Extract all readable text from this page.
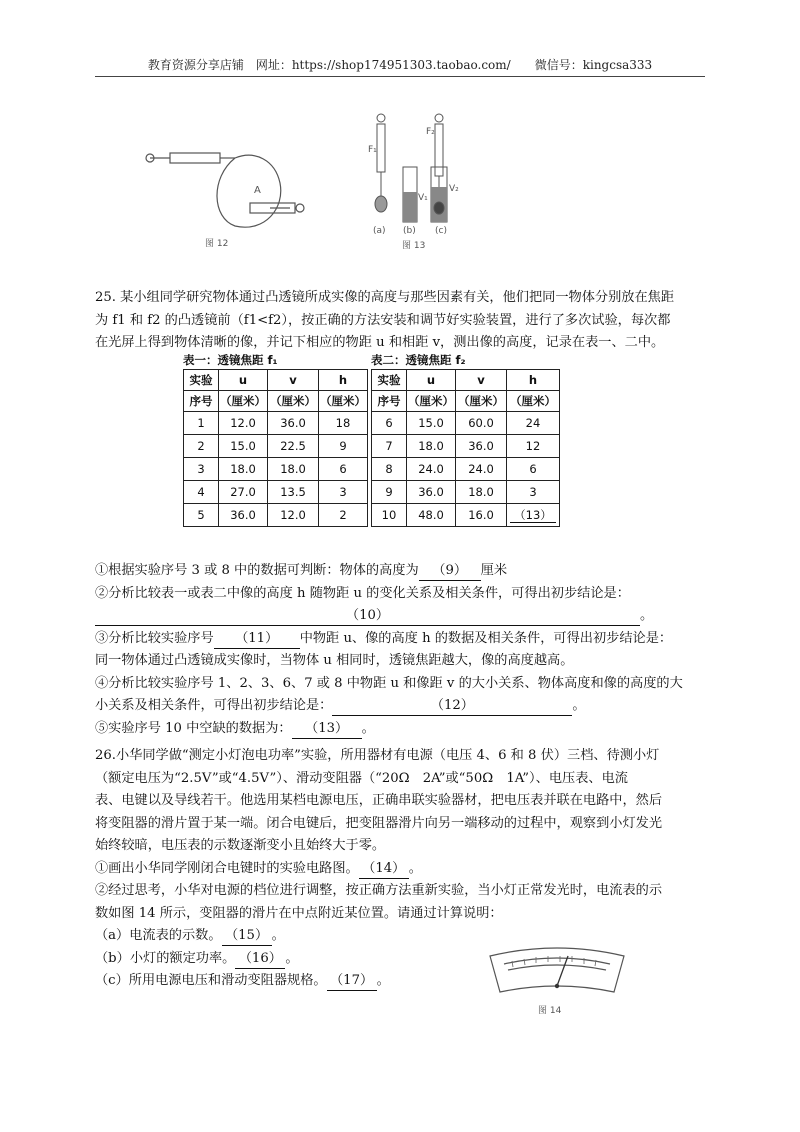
教育资源分享店铺　网址：https://shop174951303.taobao.com/　　微信号：kingcsa333
A
图 12
F₁
F₂
V₁
V₂
(a) (b) (c)
图 13

25. 某小组同学研究物体通过凸透镜所成实像的高度与那些因素有关，他们把同一物体分别放在焦距

为 f1 和 f2 的凸透镜前（f1<f2），按正确的方法安装和调节好实验装置，进行了多次试验，每次都

在光屏上得到物体清晰的像，并记下相应的物距 u 和相距 v，测出像的高度，记录在表一、二中。

表一：透镜焦距 f₁
实验	u	v	h
序号	（厘米）	（厘米）	（厘米）
1	12.0	36.0	18
2	15.0	22.5	9
3	18.0	18.0	6
4	27.0	13.5	3
5	36.0	12.0	2
表二：透镜焦距 f₂
实验	u	v	h
序号	（厘米）	（厘米）	（厘米）
6	15.0	60.0	24
7	18.0	36.0	12
8	24.0	24.0	6
9	36.0	18.0	3
10	48.0	16.0	（13）

①根据实验序号 3 或 8 中的数据可判断：物体的高度为 （9） 厘米

②分析比较表一或表二中像的高度 h 随物距 u 的变化关系及相关条件，可得出初步结论是：

（10）	。

③分析比较实验序号 （11） 中物距 u、像的高度 h 的数据及相关条件，可得出初步结论是：

同一物体通过凸透镜成实像时，当物体 u 相同时，透镜焦距越大，像的高度越高。

④分析比较实验序号 1、2、3、6、7 或 8 中物距 u 和像距 v 的大小关系、物体高度和像的高度的大

小关系及相关条件，可得出初步结论是：	（12）	。

⑤实验序号 10 中空缺的数据为： （13） 。

26.小华同学做“测定小灯泡电功率”实验，所用器材有电源（电压 4、6 和 8 伏）三档、待测小灯

（额定电压为“2.5V”或“4.5V”）、滑动变阻器（“20Ω　2A”或“50Ω　1A”）、电压表、电流

表、电键以及导线若干。他选用某档电源电压，正确串联实验器材，把电压表并联在电路中，然后

将变阻器的滑片置于某一端。闭合电键后，把变阻器滑片向另一端移动的过程中，观察到小灯发光

始终较暗，电压表的示数逐渐变小且始终大于零。

①画出小华同学刚闭合电键时的实验电路图。 （14） 。

②经过思考，小华对电源的档位进行调整，按正确方法重新实验，当小灯正常发光时，电流表的示

数如图 14 所示，变阻器的滑片在中点附近某位置。请通过计算说明：

（a）电流表的示数。 （15） 。

（b）小灯的额定功率。 （16） 。

（c）所用电源电压和滑动变阻器规格。 （17） 。

图 14
